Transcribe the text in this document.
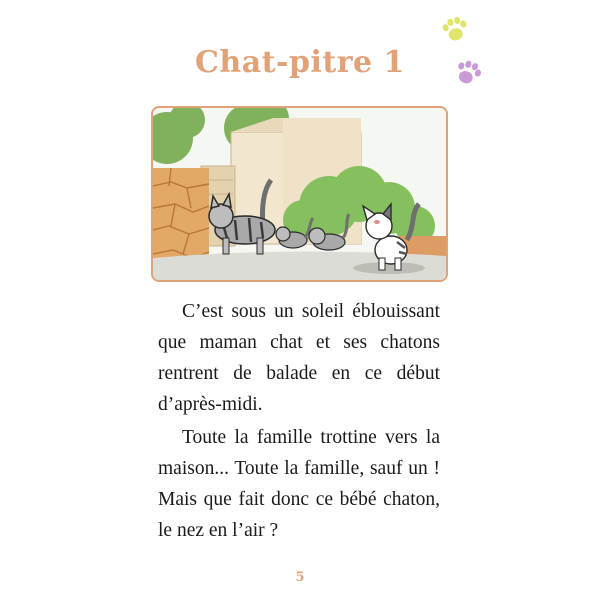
Chat-pitre 1

C’est sous un soleil éblouissant que maman chat et ses chatons rentrent de balade en ce début d’après-midi.

Toute la famille trottine vers la maison... Toute la famille, sauf un ! Mais que fait donc ce bébé chaton, le nez en l’air ?

5
